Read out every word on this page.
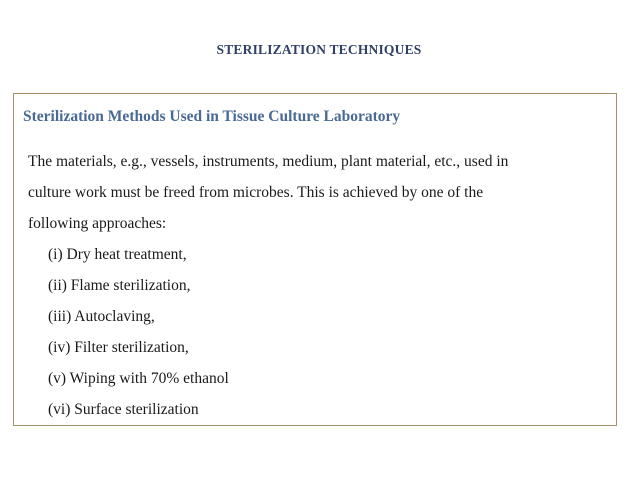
STERILIZATION TECHNIQUES
Sterilization Methods Used in Tissue Culture Laboratory

The materials, e.g., vessels, instruments, medium, plant material, etc., used in
culture work must be freed from microbes. This is achieved by one of the
following approaches:

(i) Dry heat treatment,
(ii) Flame sterilization,
(iii) Autoclaving,
(iv) Filter sterilization,
(v) Wiping with 70% ethanol
(vi) Surface sterilization
